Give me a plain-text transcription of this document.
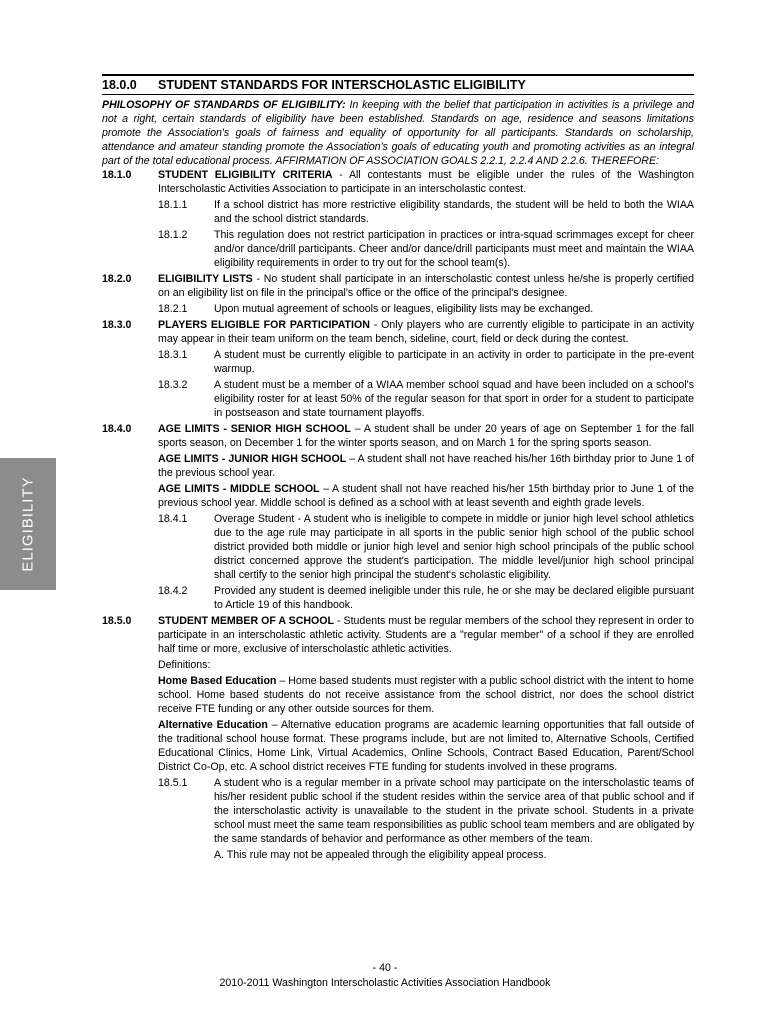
ELIGIBILITY
18.0.0 STUDENT STANDARDS FOR INTERSCHOLASTIC ELIGIBILITY
PHILOSOPHY OF STANDARDS OF ELIGIBILITY: In keeping with the belief that participation in activities is a privilege and not a right, certain standards of eligibility have been established. Standards on age, residence and seasons limitations promote the Association's goals of fairness and equality of opportunity for all participants. Standards on scholarship, attendance and amateur standing promote the Association's goals of educating youth and promoting activities as an integral part of the total educational process. AFFIRMATION OF ASSOCIATION GOALS 2.2.1, 2.2.4 AND 2.2.6. THEREFORE:
18.1.0	STUDENT ELIGIBILITY CRITERIA - All contestants must be eligible under the rules of the Washington Interscholastic Activities Association to participate in an interscholastic contest.
18.1.1	If a school district has more restrictive eligibility standards, the student will be held to both the WIAA and the school district standards.
18.1.2	This regulation does not restrict participation in practices or intra-squad scrimmages except for cheer and/or dance/drill participants. Cheer and/or dance/drill participants must meet and maintain the WIAA eligibility requirements in order to try out for the school team(s).
18.2.0	ELIGIBILITY LISTS - No student shall participate in an interscholastic contest unless he/she is properly certified on an eligibility list on file in the principal's office or the office of the principal's designee.
18.2.1	Upon mutual agreement of schools or leagues, eligibility lists may be exchanged.
18.3.0	PLAYERS ELIGIBLE FOR PARTICIPATION - Only players who are currently eligible to participate in an activity may appear in their team uniform on the team bench, sideline, court, field or deck during the contest.
18.3.1	A student must be currently eligible to participate in an activity in order to participate in the pre-event warmup.
18.3.2	A student must be a member of a WIAA member school squad and have been included on a school's eligibility roster for at least 50% of the regular season for that sport in order for a student to participate in postseason and state tournament playoffs.
18.4.0	AGE LIMITS - SENIOR HIGH SCHOOL – A student shall be under 20 years of age on September 1 for the fall sports season, on December 1 for the winter sports season, and on March 1 for the spring sports season.
AGE LIMITS - JUNIOR HIGH SCHOOL – A student shall not have reached his/her 16th birthday prior to June 1 of the previous school year.
AGE LIMITS - MIDDLE SCHOOL – A student shall not have reached his/her 15th birthday prior to June 1 of the previous school year. Middle school is defined as a school with at least seventh and eighth grade levels.
18.4.1	Overage Student - A student who is ineligible to compete in middle or junior high level school athletics due to the age rule may participate in all sports in the public senior high school of the public school district provided both middle or junior high level and senior high school principals of the public school district concerned approve the student's participation. The middle level/junior high school principal shall certify to the senior high principal the student's scholastic eligibility.
18.4.2	Provided any student is deemed ineligible under this rule, he or she may be declared eligible pursuant to Article 19 of this handbook.
18.5.0	STUDENT MEMBER OF A SCHOOL - Students must be regular members of the school they represent in order to participate in an interscholastic athletic activity. Students are a "regular member" of a school if they are enrolled half time or more, exclusive of interscholastic athletic activities.
Definitions:
Home Based Education – Home based students must register with a public school district with the intent to home school. Home based students do not receive assistance from the school district, nor does the school district receive FTE funding or any other outside sources for them.
Alternative Education – Alternative education programs are academic learning opportunities that fall outside of the traditional school house format. These programs include, but are not limited to, Alternative Schools, Certified Educational Clinics, Home Link, Virtual Academics, Online Schools, Contract Based Education, Parent/School District Co-Op, etc. A school district receives FTE funding for students involved in these programs.
18.5.1	A student who is a regular member in a private school may participate on the interscholastic teams of his/her resident public school if the student resides within the service area of that public school and if the interscholastic activity is unavailable to the student in the private school. Students in a private school must meet the same team responsibilities as public school team members and are obligated by the same standards of behavior and performance as other members of the team.
A. This rule may not be appealed through the eligibility appeal process.
- 40 -
2010-2011 Washington Interscholastic Activities Association Handbook
